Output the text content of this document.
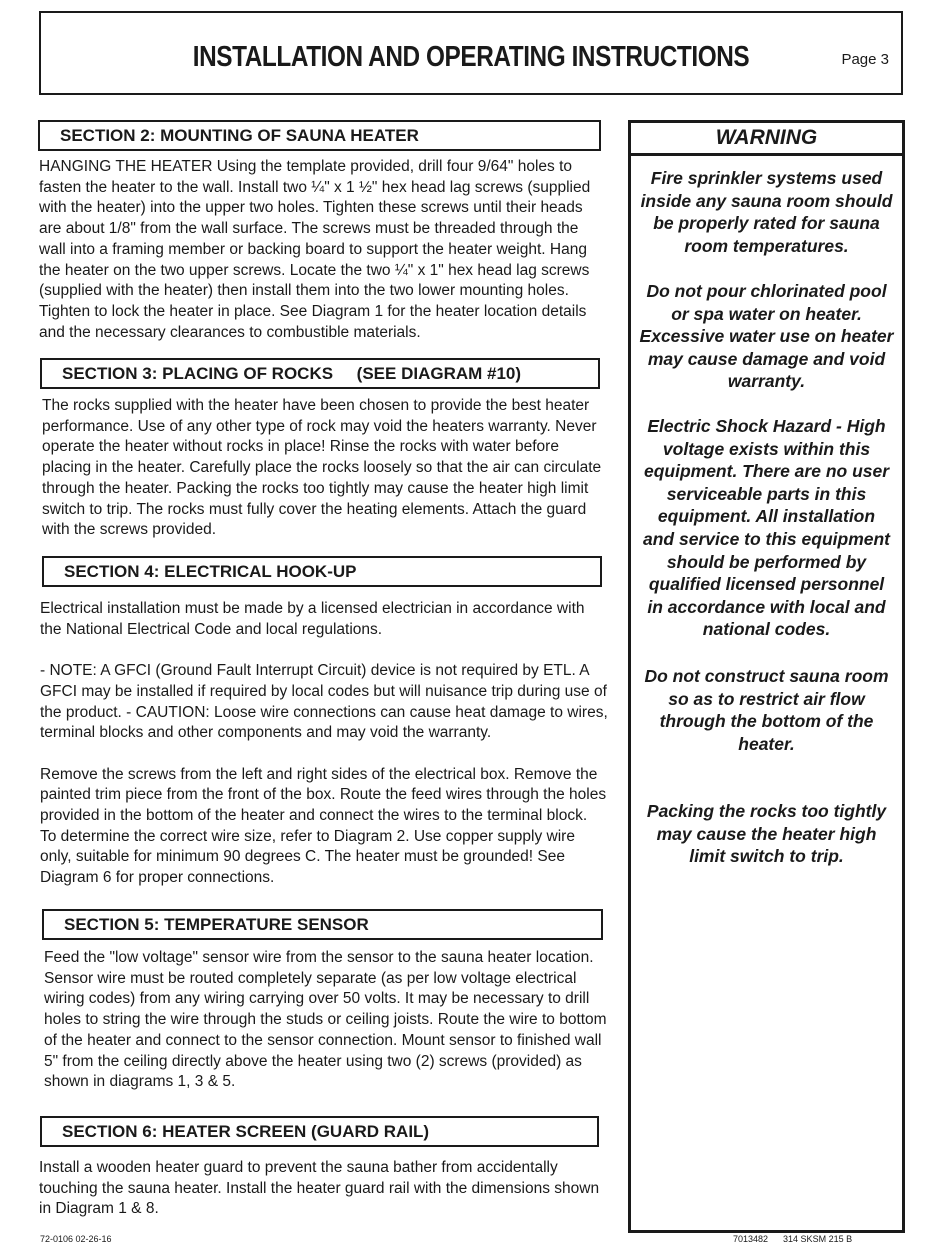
INSTALLATION AND OPERATING INSTRUCTIONS	Page 3
SECTION 2: MOUNTING OF SAUNA HEATER
HANGING THE HEATER Using the template provided, drill four 9/64" holes to
fasten the heater to the wall. Install two ¼" x 1 ½" hex head lag screws (supplied
with the heater) into the upper two holes. Tighten these screws until their heads
are about 1/8" from the wall surface. The screws must be threaded through the
wall into a framing member or backing board to support the heater weight. Hang
the heater on the two upper screws. Locate the two ¼" x 1" hex head lag screws
(supplied with the heater) then install them into the two lower mounting holes.
Tighten to lock the heater in place. See Diagram 1 for the heater location details
and the necessary clearances to combustible materials.
SECTION 3: PLACING OF ROCKS     (SEE DIAGRAM #10)
The rocks supplied with the heater have been chosen to provide the best heater
performance. Use of any other type of rock may void the heaters warranty. Never
operate the heater without rocks in place! Rinse the rocks with water before
placing in the heater. Carefully place the rocks loosely so that the air can circulate
through the heater. Packing the rocks too tightly may cause the heater high limit
switch to trip. The rocks must fully cover the heating elements. Attach the guard
with the screws provided.
SECTION 4: ELECTRICAL HOOK-UP
Electrical installation must be made by a licensed electrician in accordance with
the National Electrical Code and local regulations.

- NOTE: A GFCI (Ground Fault Interrupt Circuit) device is not required by ETL. A
GFCI may be installed if required by local codes but will nuisance trip during use of
the product. - CAUTION: Loose wire connections can cause heat damage to wires,
terminal blocks and other components and may void the warranty.

Remove the screws from the left and right sides of the electrical box. Remove the
painted trim piece from the front of the box. Route the feed wires through the holes
provided in the bottom of the heater and connect the wires to the terminal block.
To determine the correct wire size, refer to Diagram 2. Use copper supply wire
only, suitable for minimum 90 degrees C. The heater must be grounded! See
Diagram 6 for proper connections.
SECTION 5: TEMPERATURE SENSOR
Feed the "low voltage" sensor wire from the sensor to the sauna heater location.
Sensor wire must be routed completely separate (as per low voltage electrical
wiring codes) from any wiring carrying over 50 volts. It may be necessary to drill
holes to string the wire through the studs or ceiling joists. Route the wire to bottom
of the heater and connect to the sensor connection. Mount sensor to finished wall
5" from the ceiling directly above the heater using two (2) screws (provided) as
shown in diagrams 1, 3 & 5.
SECTION 6: HEATER SCREEN (GUARD RAIL)
Install a wooden heater guard to prevent the sauna bather from accidentally
touching the sauna heater. Install the heater guard rail with the dimensions shown
in Diagram 1 & 8.
WARNING
Fire sprinkler systems used
inside any sauna room should
be properly rated for sauna
room temperatures.
Do not pour chlorinated pool
or spa water on heater.
Excessive water use on heater
may cause damage and void
warranty.
Electric Shock Hazard - High
voltage exists within this
equipment. There are no user
serviceable parts in this
equipment. All installation
and service to this equipment
should be performed by
qualified licensed personnel
in accordance with local and
national codes.
Do not construct sauna room
so as to restrict air flow
through the bottom of the
heater.
Packing the rocks too tightly
may cause the heater high
limit switch to trip.
72-0106 02-26-16	7013482      314 SKSM 215 B
